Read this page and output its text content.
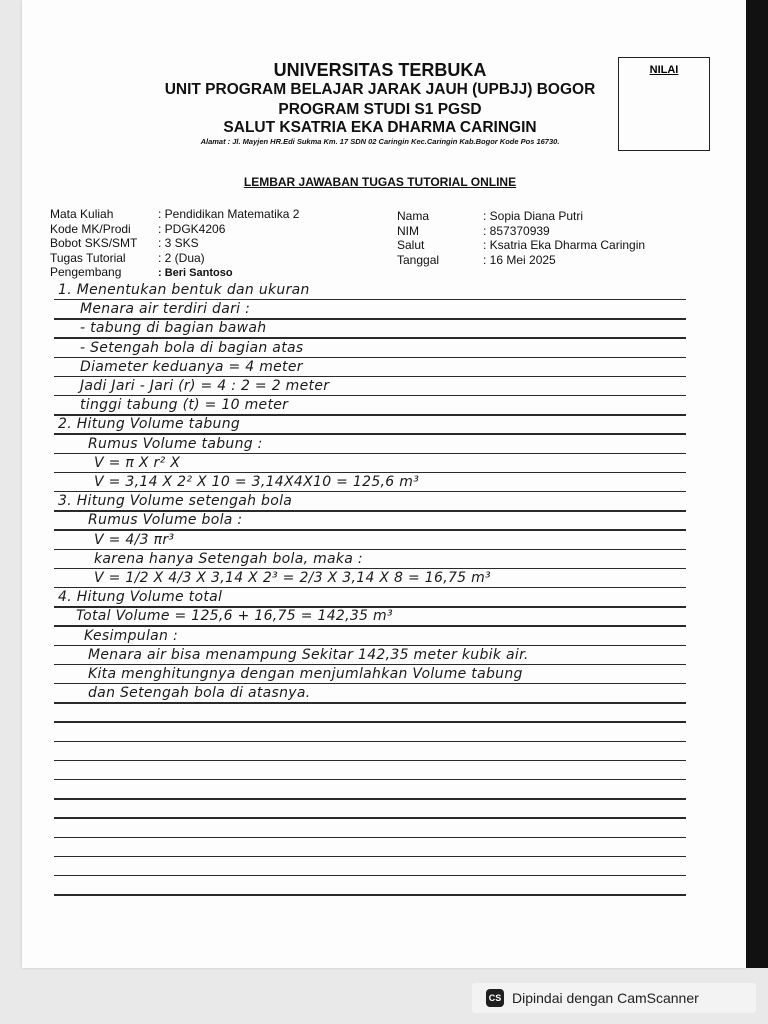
UNIVERSITAS TERBUKA
UNIT PROGRAM BELAJAR JARAK JAUH (UPBJJ) BOGOR
PROGRAM STUDI S1 PGSD
SALUT KSATRIA EKA DHARMA CARINGIN
Alamat : Jl. Mayjen HR.Edi Sukma Km. 17 SDN 02 Caringin Kec.Caringin Kab.Bogor Kode Pos 16730.
NILAI
LEMBAR JAWABAN TUGAS TUTORIAL ONLINE
Mata Kuliah	: Pendidikan Matematika 2
Kode MK/Prodi : PDGK4206
Bobot SKS/SMT : 3 SKS
Tugas Tutorial	: 2 (Dua)
Pengembang	: Beri Santoso
Nama	: Sopia Diana Putri
NIM	: 857370939
Salut	: Ksatria Eka Dharma Caringin
Tanggal	: 16 Mei 2025
1. Menentukan bentuk dan ukuran
Menara air terdiri dari :
- tabung di bagian bawah
- Setengah bola di bagian atas
Diameter keduanya = 4 meter
Jadi Jari - Jari (r) = 4 : 2 = 2 meter
tinggi tabung (t) = 10 meter
2. Hitung Volume tabung
Rumus Volume tabung :
V = π X r² X
V = 3,14 X 2² X 10 = 3,14X4X10 = 125,6 m³
3. Hitung Volume setengah bola
Rumus Volume bola :
V = 4/3 πr³
karena hanya Setengah bola, maka :
V = 1/2 X 4/3 X 3,14 X 2³ = 2/3 X 3,14 X 8 = 16,75 m³
4. Hitung Volume total
Total Volume = 125,6 + 16,75 = 142,35 m³
Kesimpulan :
Menara air bisa menampung Sekitar 142,35 meter kubik air.
Kita menghitungnya dengan menjumlahkan Volume tabung
dan Setengah bola di atasnya.
CS Dipindai dengan CamScanner
